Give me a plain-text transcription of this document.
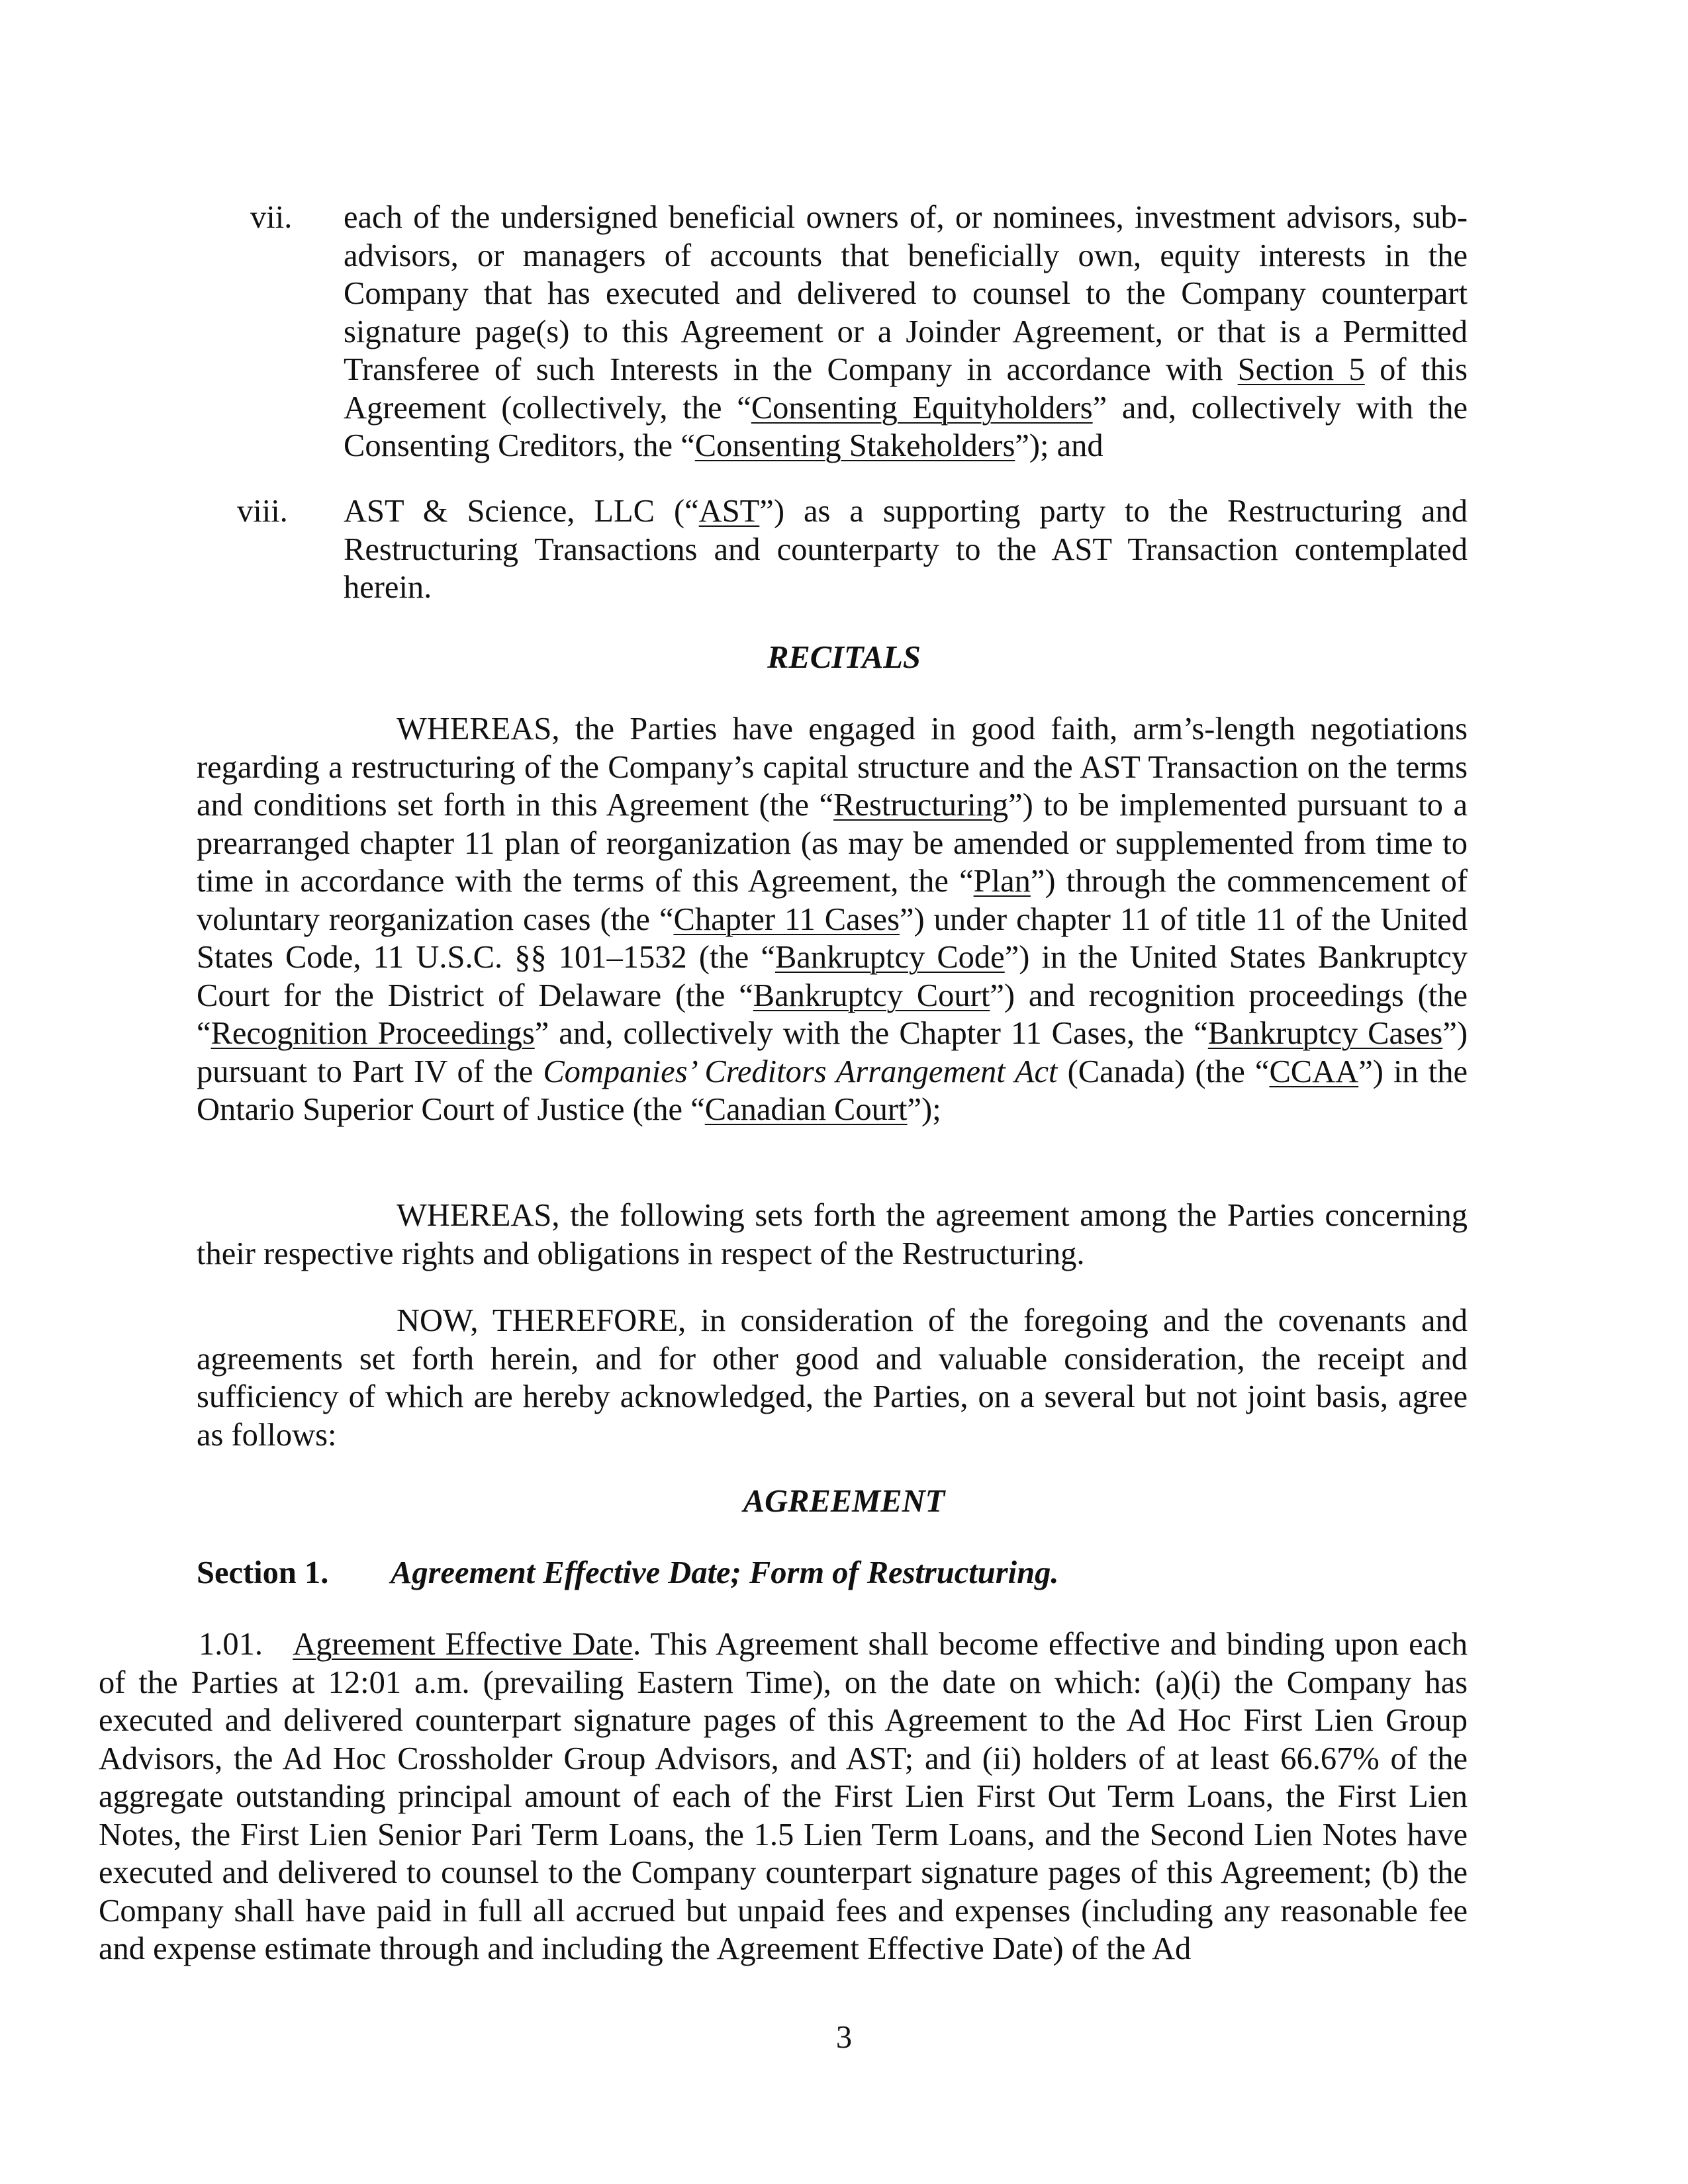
vii. each of the undersigned beneficial owners of, or nominees, investment advisors, sub-advisors, or managers of accounts that beneficially own, equity interests in the Company that has executed and delivered to counsel to the Company counterpart signature page(s) to this Agreement or a Joinder Agreement, or that is a Permitted Transferee of such Interests in the Company in accordance with Section 5 of this Agreement (collectively, the “Consenting Equityholders” and, collectively with the Consenting Creditors, the “Consenting Stakeholders”); and
viii. AST & Science, LLC (“AST”) as a supporting party to the Restructuring and Restructuring Transactions and counterparty to the AST Transaction contemplated herein.
RECITALS
WHEREAS, the Parties have engaged in good faith, arm’s-length negotiations regarding a restructuring of the Company’s capital structure and the AST Transaction on the terms and conditions set forth in this Agreement (the “Restructuring”) to be implemented pursuant to a prearranged chapter 11 plan of reorganization (as may be amended or supplemented from time to time in accordance with the terms of this Agreement, the “Plan”) through the commencement of voluntary reorganization cases (the “Chapter 11 Cases”) under chapter 11 of title 11 of the United States Code, 11 U.S.C. §§ 101–1532 (the “Bankruptcy Code”) in the United States Bankruptcy Court for the District of Delaware (the “Bankruptcy Court”) and recognition proceedings (the “Recognition Proceedings” and, collectively with the Chapter 11 Cases, the “Bankruptcy Cases”) pursuant to Part IV of the Companies’ Creditors Arrangement Act (Canada) (the “CCAA”) in the Ontario Superior Court of Justice (the “Canadian Court”);
WHEREAS, the following sets forth the agreement among the Parties concerning their respective rights and obligations in respect of the Restructuring.
NOW, THEREFORE, in consideration of the foregoing and the covenants and agreements set forth herein, and for other good and valuable consideration, the receipt and sufficiency of which are hereby acknowledged, the Parties, on a several but not joint basis, agree as follows:
AGREEMENT
Section 1. Agreement Effective Date; Form of Restructuring.
1.01. Agreement Effective Date. This Agreement shall become effective and binding upon each of the Parties at 12:01 a.m. (prevailing Eastern Time), on the date on which: (a)(i) the Company has executed and delivered counterpart signature pages of this Agreement to the Ad Hoc First Lien Group Advisors, the Ad Hoc Crossholder Group Advisors, and AST; and (ii) holders of at least 66.67% of the aggregate outstanding principal amount of each of the First Lien First Out Term Loans, the First Lien Notes, the First Lien Senior Pari Term Loans, the 1.5 Lien Term Loans, and the Second Lien Notes have executed and delivered to counsel to the Company counterpart signature pages of this Agreement; (b) the Company shall have paid in full all accrued but unpaid fees and expenses (including any reasonable fee and expense estimate through and including the Agreement Effective Date) of the Ad
3
